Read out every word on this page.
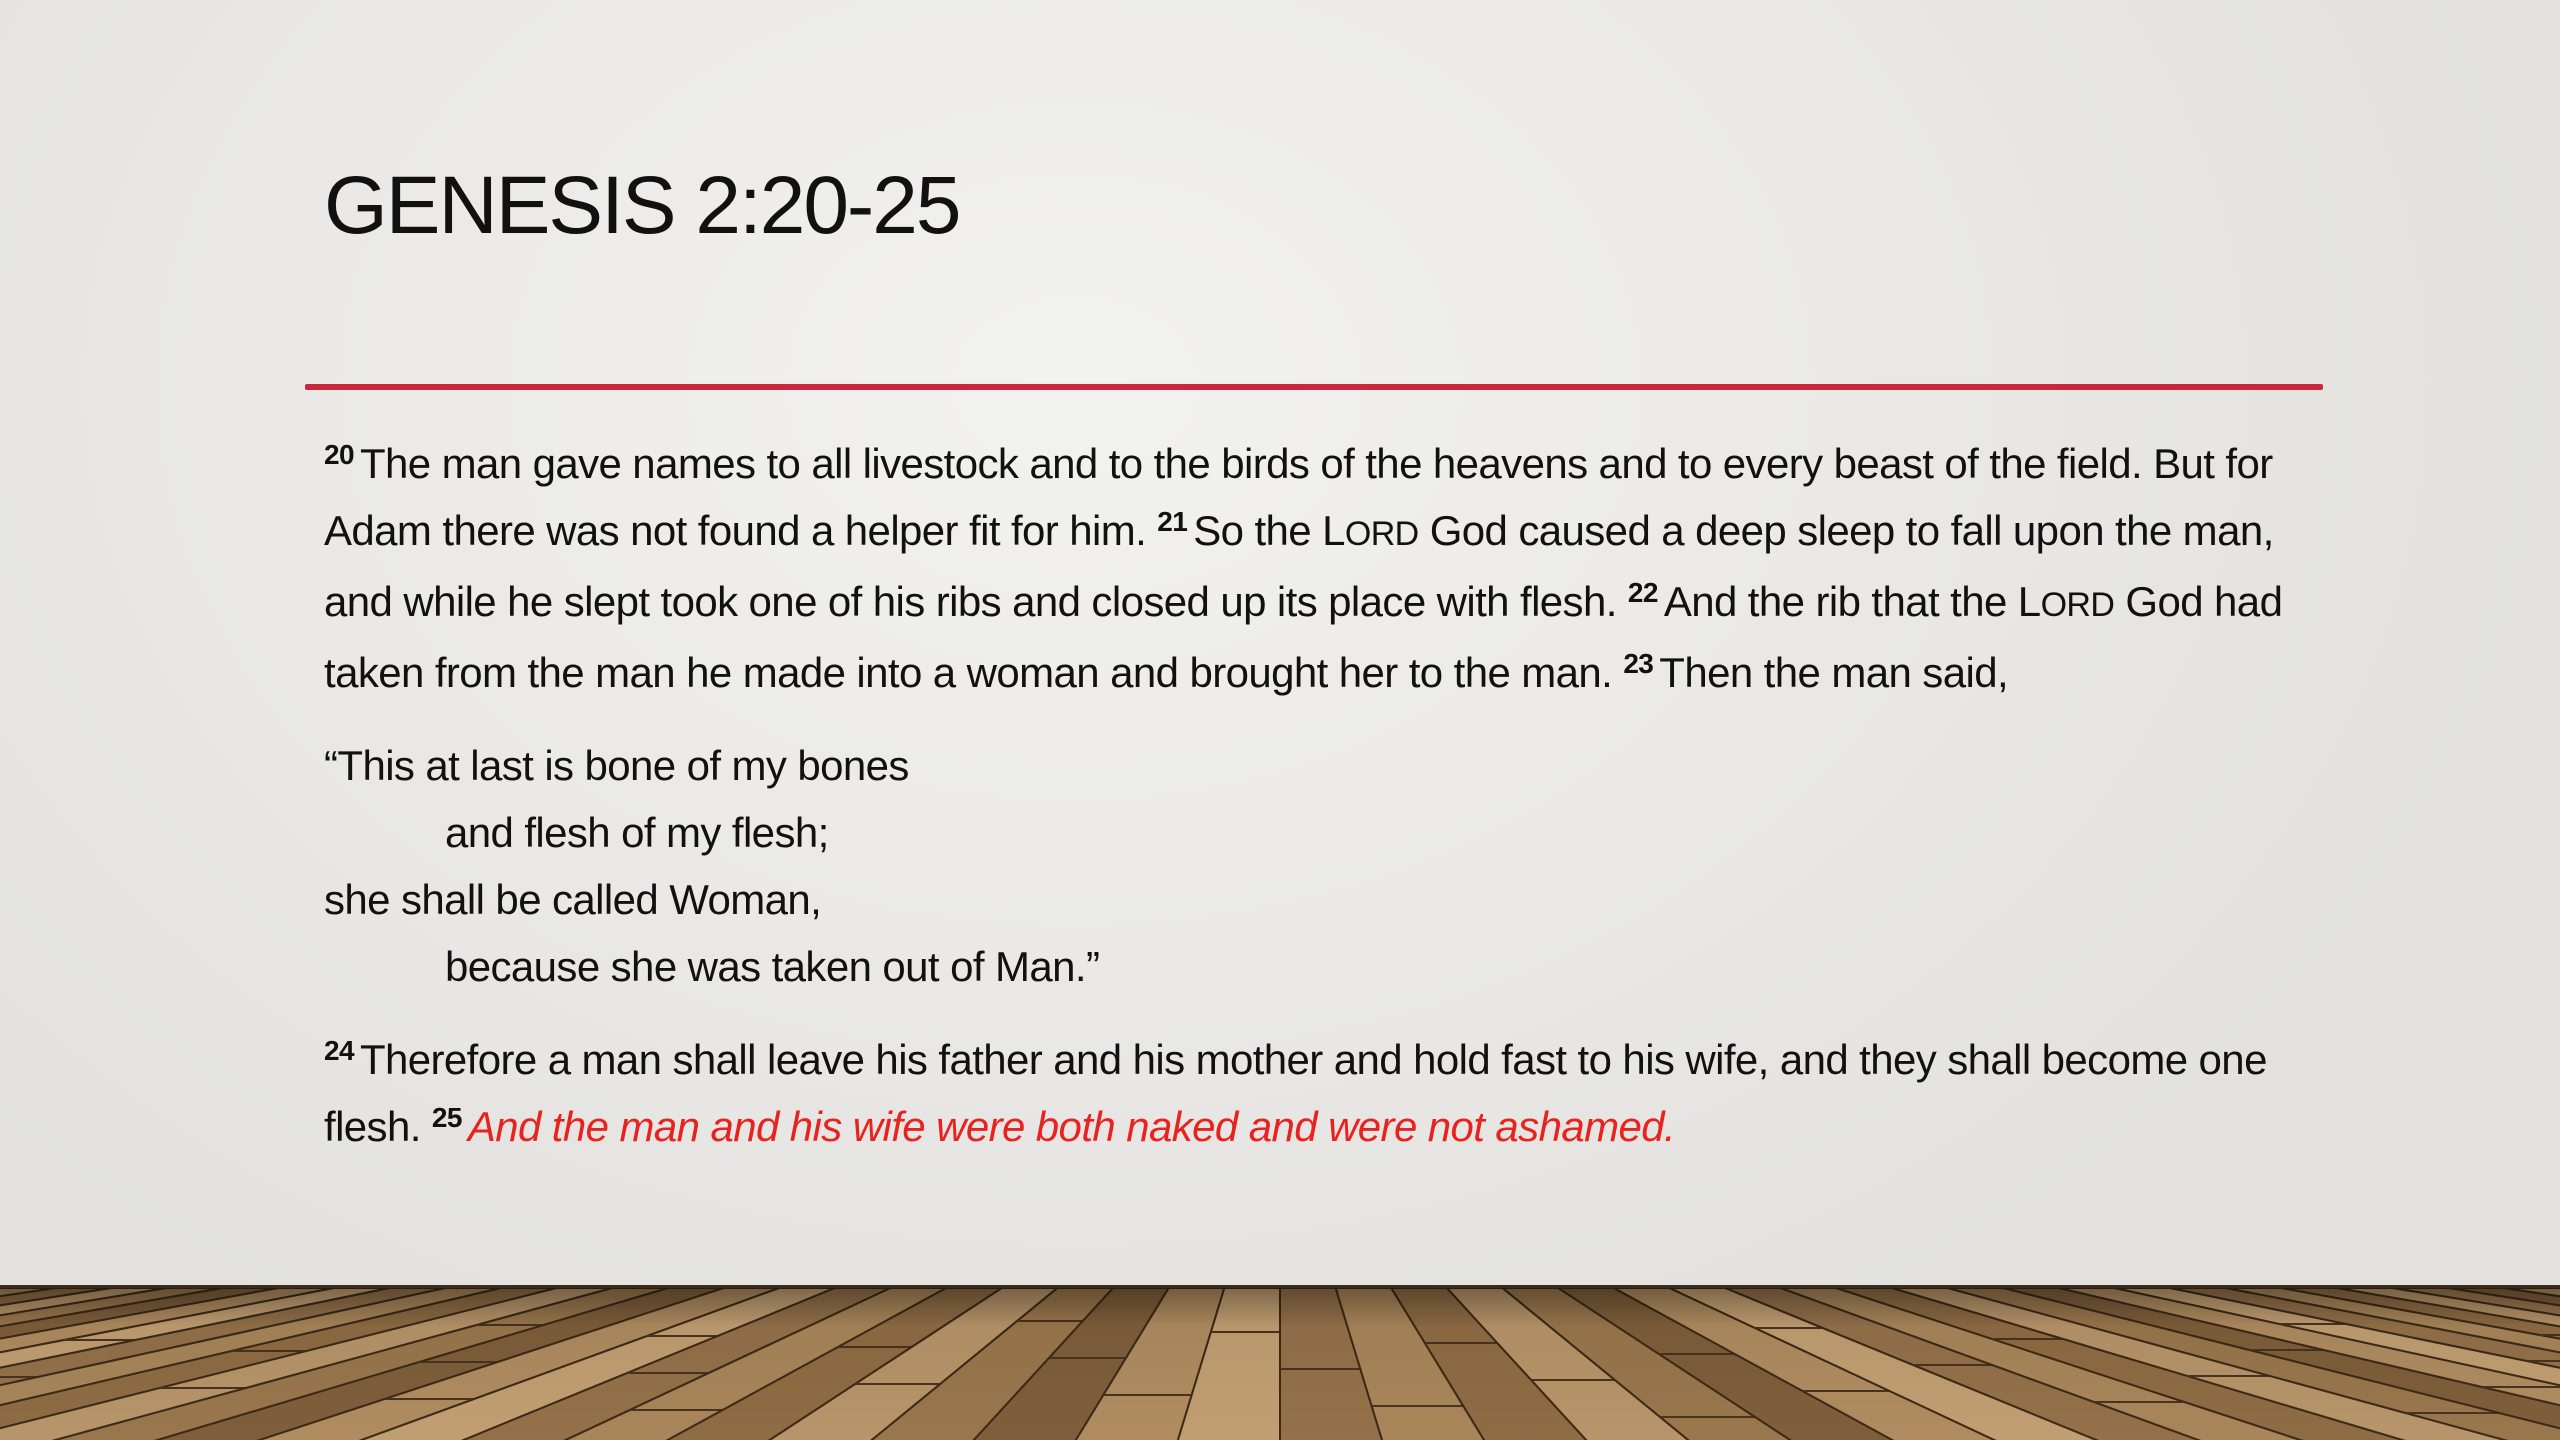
GENESIS 2:20-25

$^{20}$ The man gave names to all livestock and to the birds of the heavens and to every beast of the field. But for Adam there was not found a helper fit for him. $^{21}$ So the LORD God caused a deep sleep to fall upon the man, and while he slept took one of his ribs and closed up its place with flesh. $^{22}$ And the rib that the LORD God had taken from the man he made into a woman and brought her to the man. $^{23}$ Then the man said,

“This at last is bone of my bones
and flesh of my flesh;
she shall be called Woman,
because she was taken out of Man.”

$^{24}$ Therefore a man shall leave his father and his mother and hold fast to his wife, and they shall become one flesh. $^{25}$ And the man and his wife were both naked and were not ashamed.
